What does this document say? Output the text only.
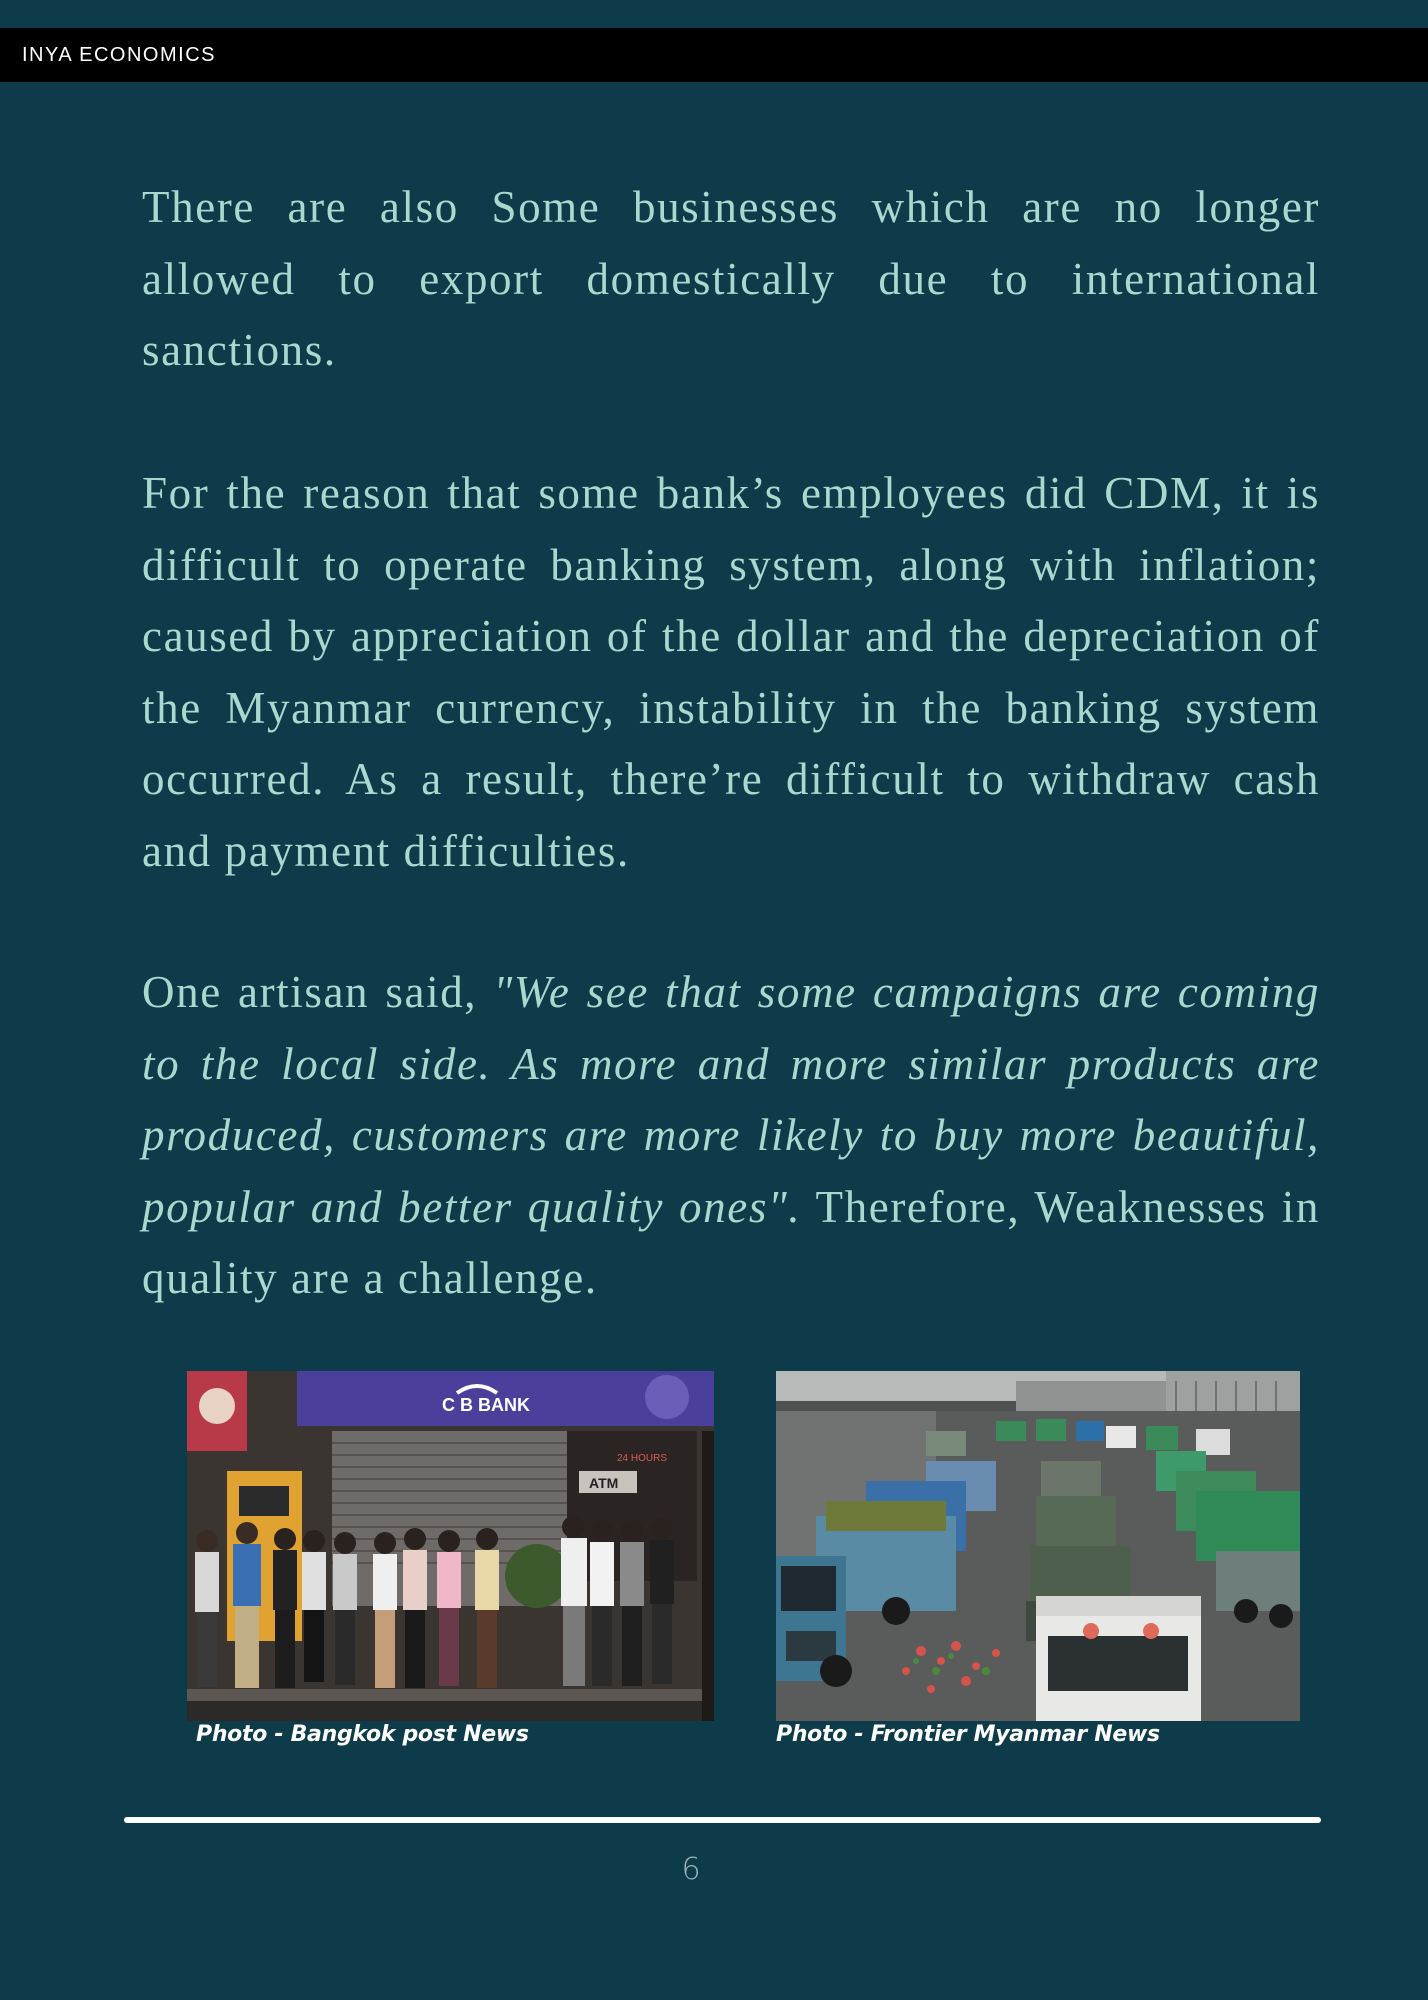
INYA ECONOMICS

There are also Some businesses which are no longer allowed to export domestically due to international sanctions.

For the reason that some bank’s employees did CDM, it is difficult to operate banking system, along with inflation; caused by appreciation of the dollar and the depreciation of the Myanmar currency, instability in the banking system occurred. As a result, there’re difficult to withdraw cash and payment difficulties.

One artisan said, "We see that some campaigns are coming to the local side. As more and more similar products are produced, customers are more likely to buy more beautiful, popular and better quality ones". Therefore, Weaknesses in quality are a challenge.

C B BANK
ATM
24 HOURS
Photo - Bangkok post News	Photo - Frontier Myanmar News
6
